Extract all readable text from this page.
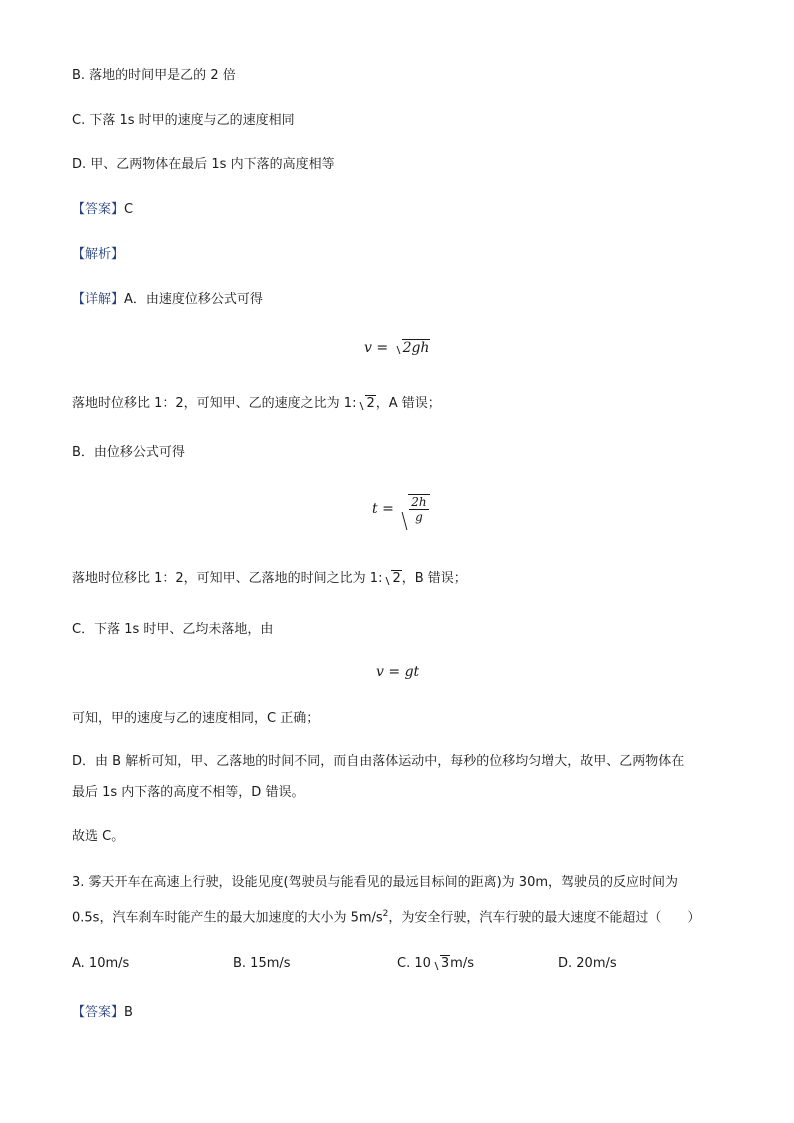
B. 落地的时间甲是乙的 2 倍
C. 下落 1s 时甲的速度与乙的速度相同
D. 甲、乙两物体在最后 1s 内下落的高度相等
【答案】C
【解析】
【详解】A．由速度位移公式可得
v = 2gh
落地时位移比 1：2，可知甲、乙的速度之比为 1: 2，A 错误；
B．由位移公式可得
$t = \frac{2h}{g}$
落地时位移比 1：2，可知甲、乙落地的时间之比为 1: 2，B 错误；
C．下落 1s 时甲、乙均未落地，由
v = gt
可知，甲的速度与乙的速度相同，C 正确；
D．由 B 解析可知，甲、乙落地的时间不同，而自由落体运动中，每秒的位移均匀增大，故甲、乙两物体在
最后 1s 内下落的高度不相等，D 错误。
故选 C。
3. 雾天开车在高速上行驶，设能见度(驾驶员与能看见的最远目标间的距离)为 30m，驾驶员的反应时间为
0.5s，汽车刹车时能产生的最大加速度的大小为 $5m/s^2$，为安全行驶，汽车行驶的最大速度不能超过（　　）
A. 10m/s	B. 15m/s	C. 10 3m/s	D. 20m/s
【答案】B
